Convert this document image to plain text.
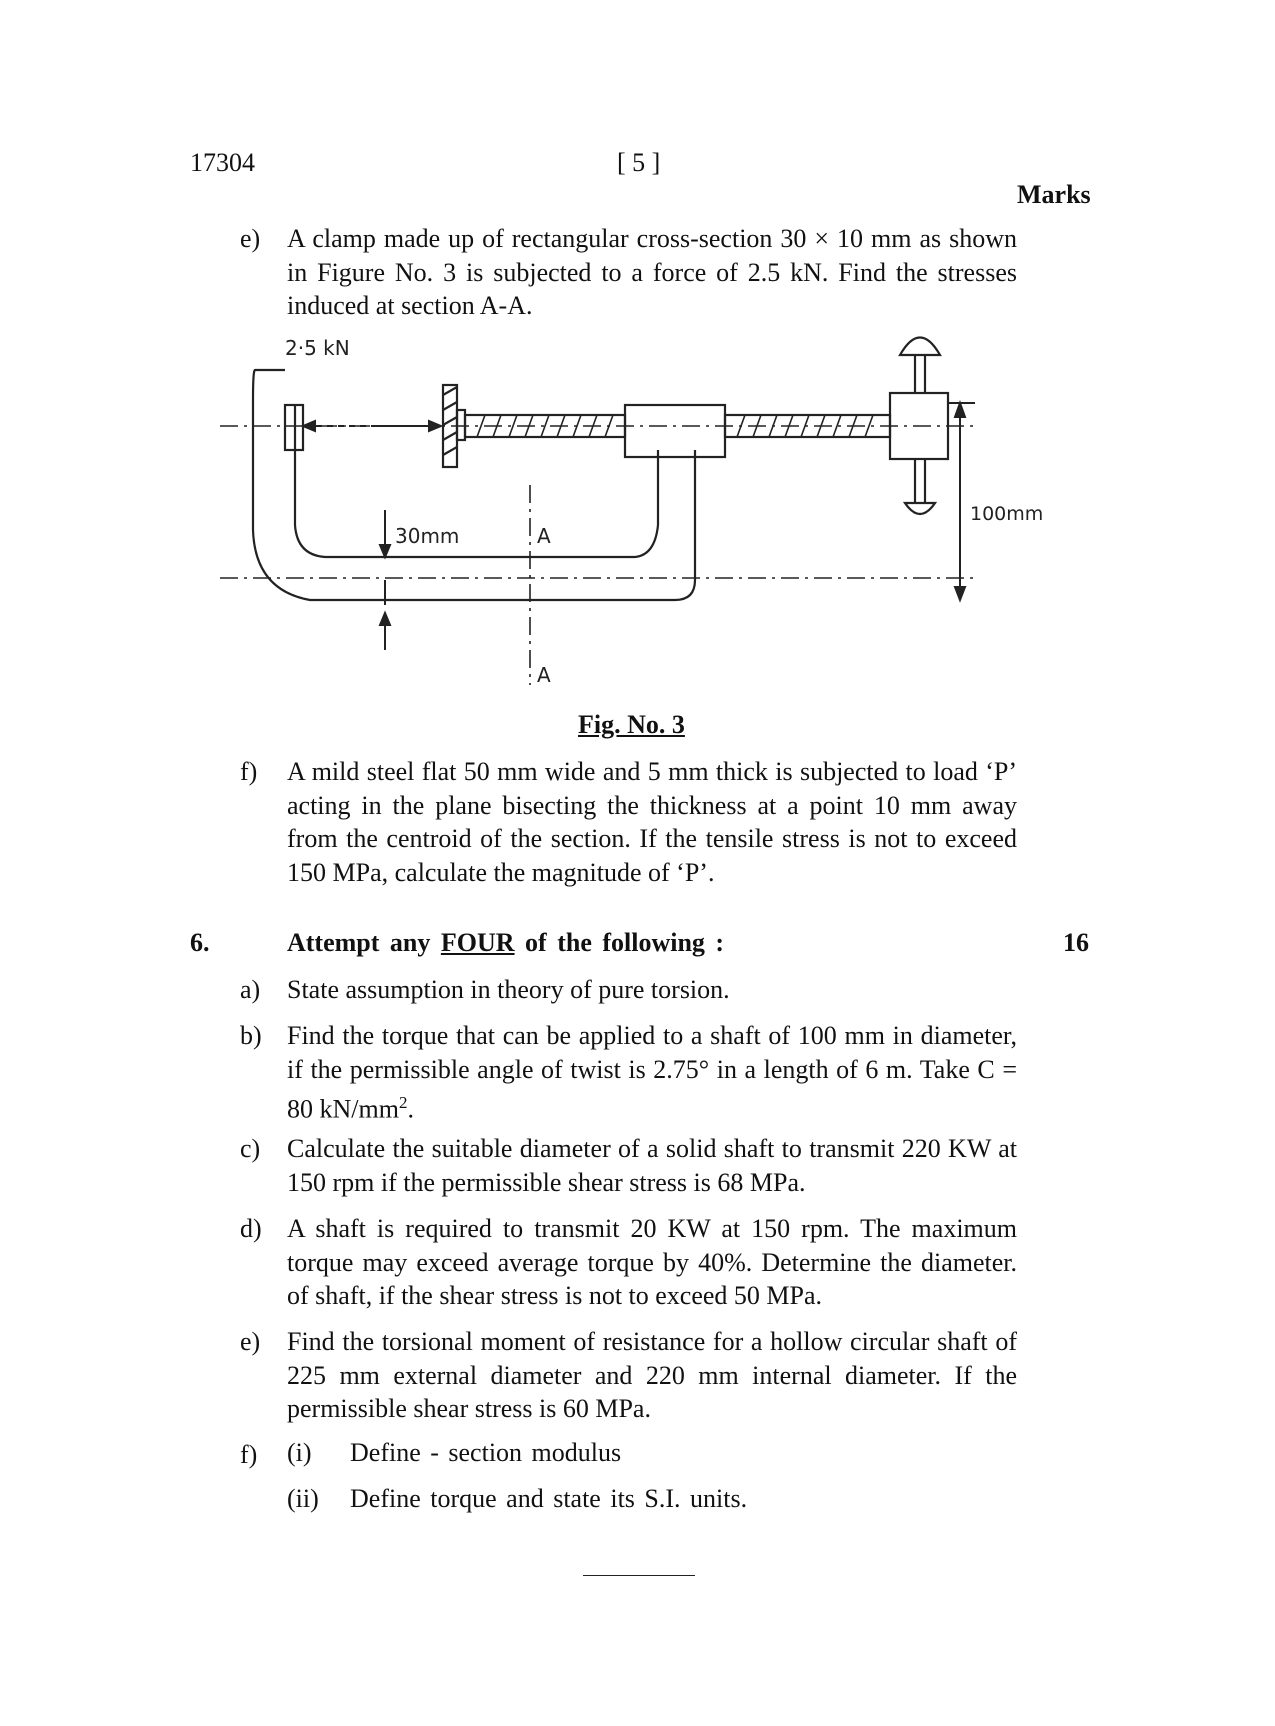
17304	[ 5 ]
Marks
e) A clamp made up of rectangular cross-section 30 × 10 mm as shown in Figure No. 3 is subjected to a force of 2.5 kN. Find the stresses induced at section A-A.
2·5 kN
30mm
100mm
A
A
Fig. No. 3
f) A mild steel flat 50 mm wide and 5 mm thick is subjected to load ‘P’ acting in the plane bisecting the thickness at a point 10 mm away from the centroid of the section. If the tensile stress is not to exceed 150 MPa, calculate the magnitude of ‘P’.
6.	Attempt any FOUR of the following :	16
a) State assumption in theory of pure torsion.
b) Find the torque that can be applied to a shaft of 100 mm in diameter, if the permissible angle of twist is 2.75° in a length of 6 m. Take C = 80 $kN/mm^2$.
c) Calculate the suitable diameter of a solid shaft to transmit 220 KW at 150 rpm if the permissible shear stress is 68 MPa.
d) A shaft is required to transmit 20 KW at 150 rpm. The maximum torque may exceed average torque by 40%. Determine the diameter. of shaft, if the shear stress is not to exceed 50 MPa.
e) Find the torsional moment of resistance for a hollow circular shaft of 225 mm external diameter and 220 mm internal diameter. If the permissible shear stress is 60 MPa.
f) (i) Define - section modulus
(ii) Define torque and state its S.I. units.
